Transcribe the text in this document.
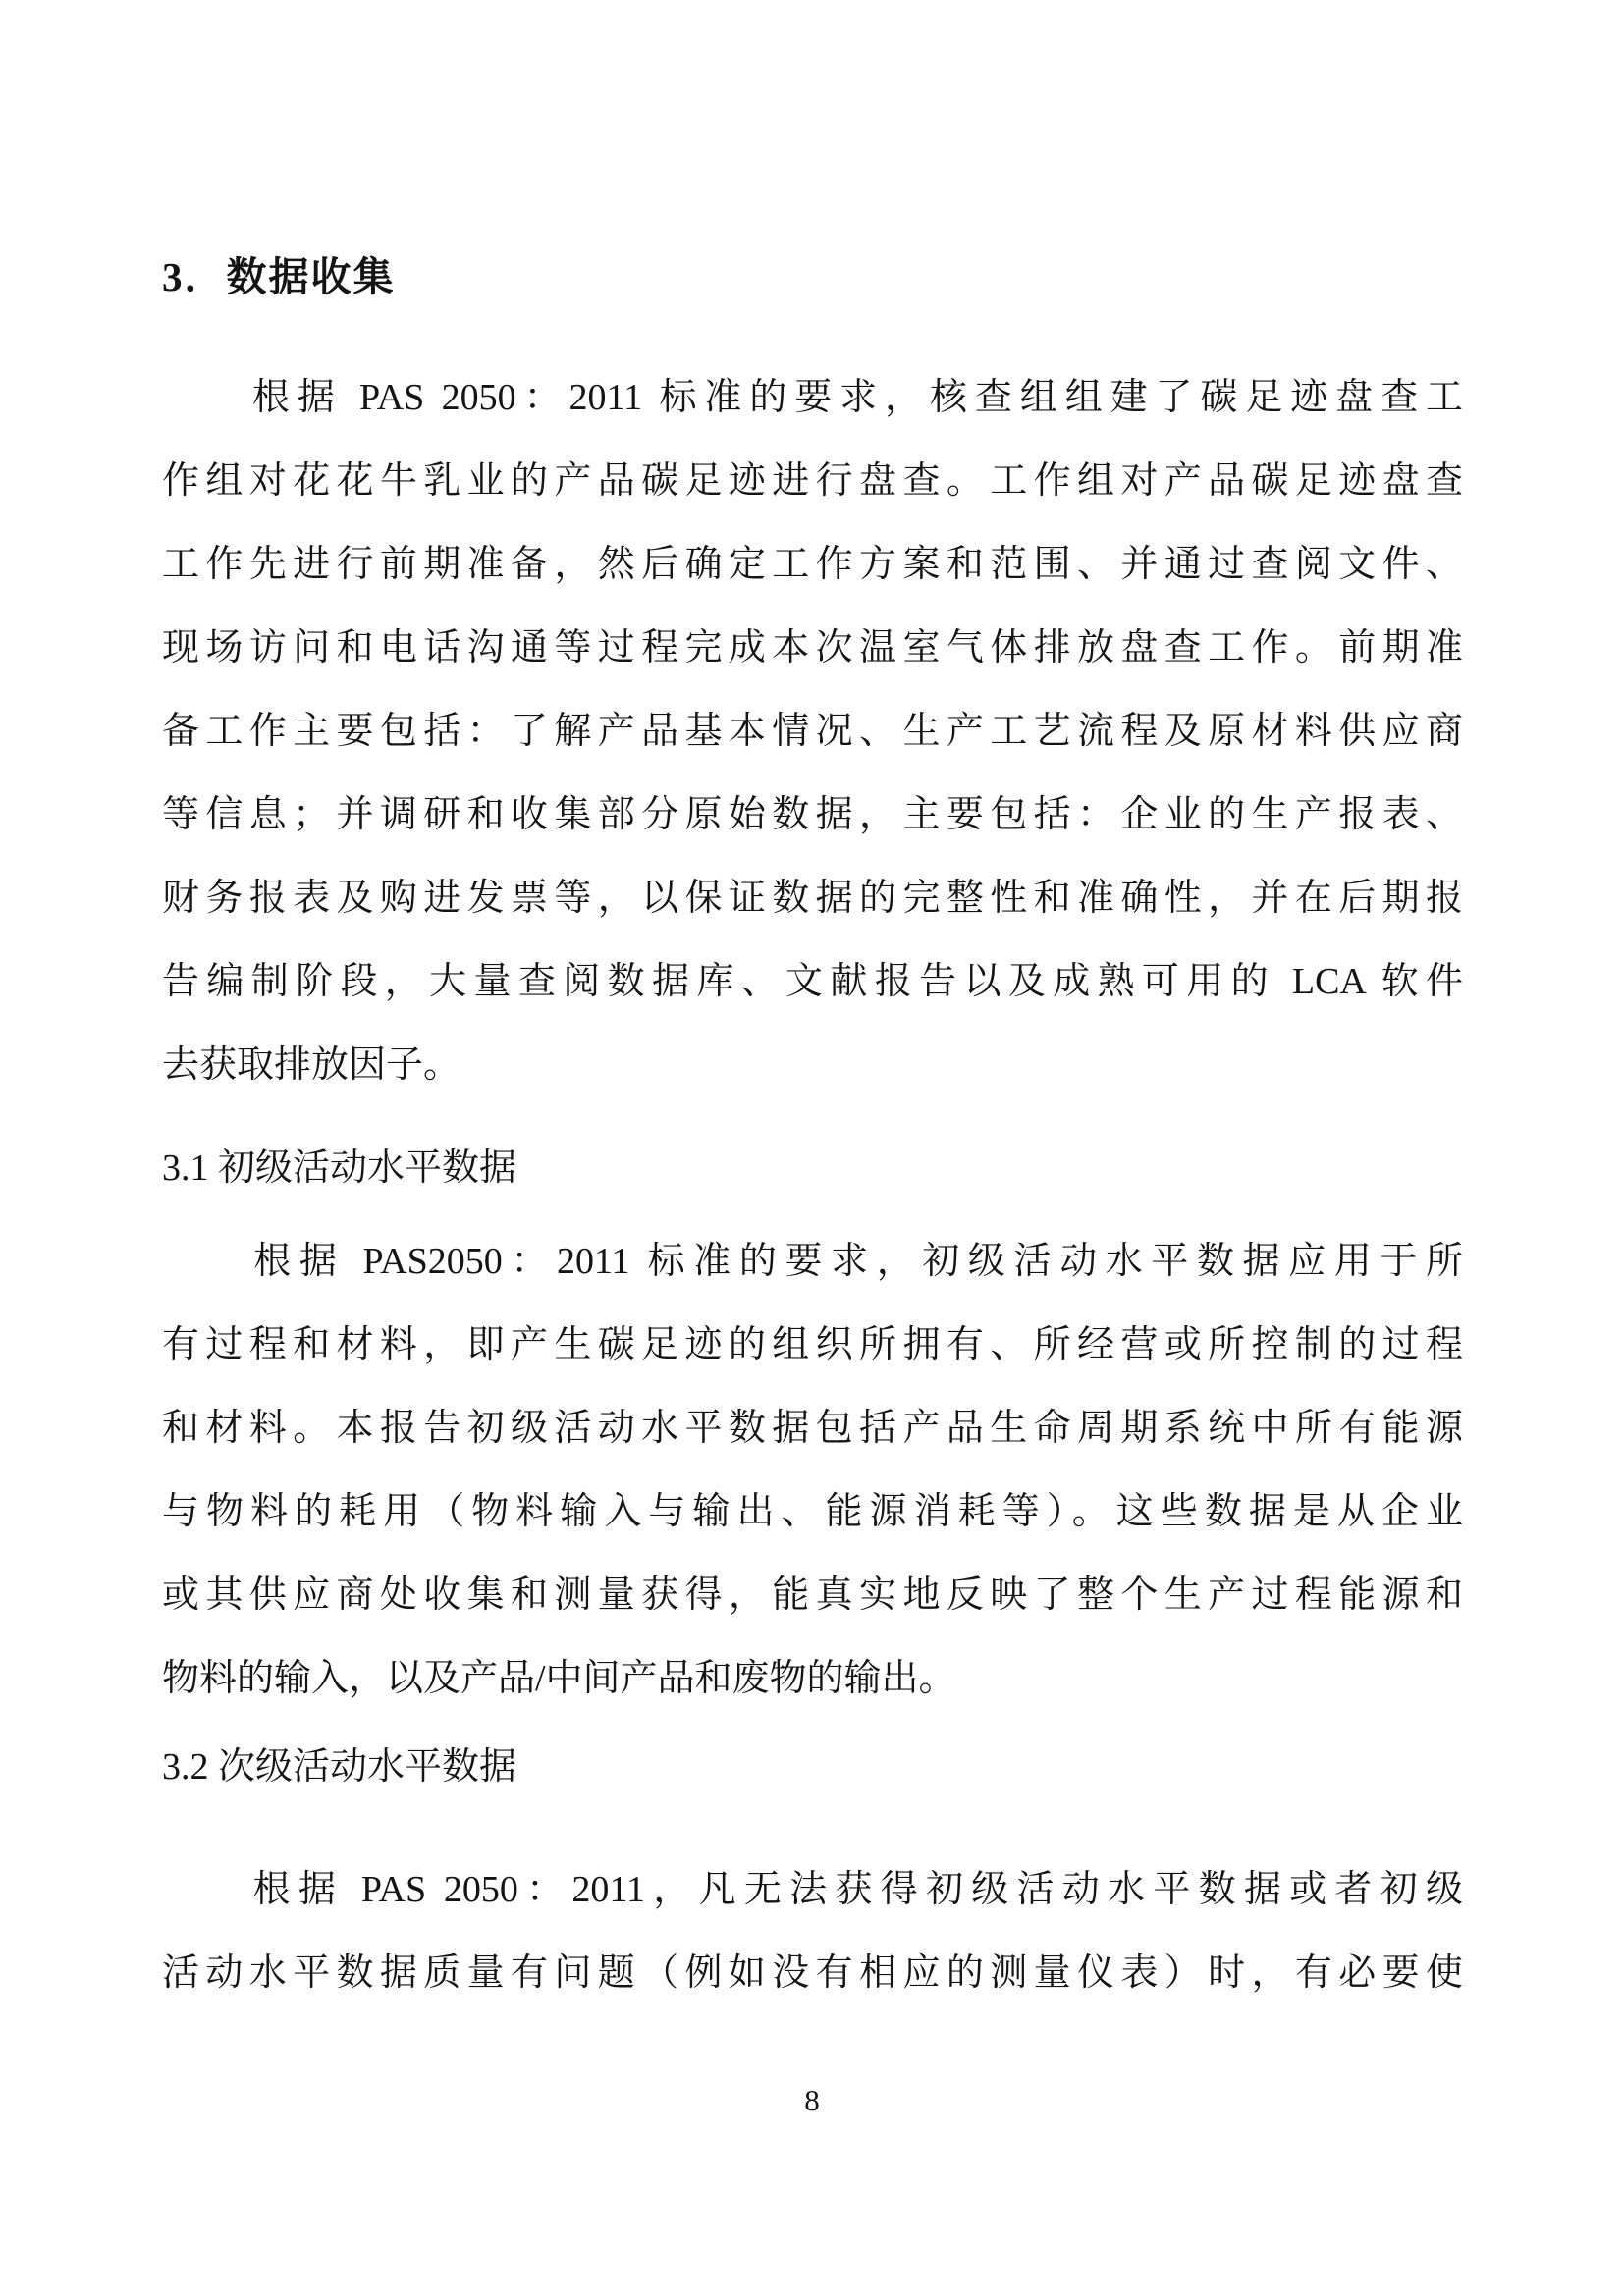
3．数据收集
　　根据 PAS 2050：2011 标准的要求，核查组组建了碳足迹盘查工
作组对花花牛乳业的产品碳足迹进行盘查。工作组对产品碳足迹盘查
工作先进行前期准备，然后确定工作方案和范围、并通过查阅文件、
现场访问和电话沟通等过程完成本次温室气体排放盘查工作。前期准
备工作主要包括：了解产品基本情况、生产工艺流程及原材料供应商
等信息；并调研和收集部分原始数据，主要包括：企业的生产报表、
财务报表及购进发票等，以保证数据的完整性和准确性，并在后期报
告编制阶段，大量查阅数据库、文献报告以及成熟可用的 LCA 软件
去获取排放因子。
3.1 初级活动水平数据
　　根据 PAS2050：2011 标准的要求，初级活动水平数据应用于所
有过程和材料，即产生碳足迹的组织所拥有、所经营或所控制的过程
和材料。本报告初级活动水平数据包括产品生命周期系统中所有能源
与物料的耗用（物料输入与输出、能源消耗等）。这些数据是从企业
或其供应商处收集和测量获得，能真实地反映了整个生产过程能源和
物料的输入，以及产品/中间产品和废物的输出。
3.2 次级活动水平数据
　　根据 PAS 2050：2011，凡无法获得初级活动水平数据或者初级
活动水平数据质量有问题（例如没有相应的测量仪表）时，有必要使
8
